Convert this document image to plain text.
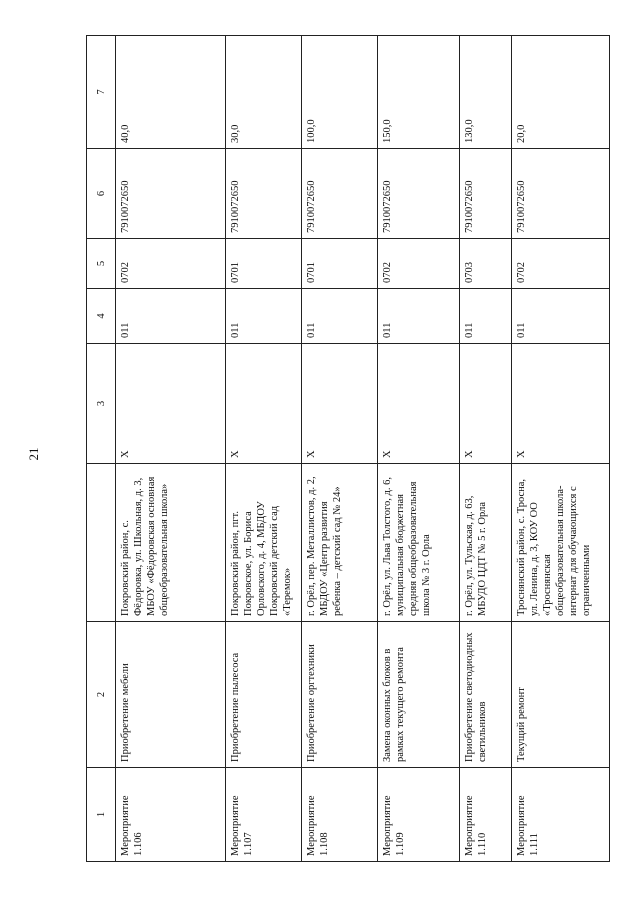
21
1	2		3	4	5	6	7
Мероприятие 1.106	Приобретение мебели	Покровский район, с. Фёдоровка, ул. Школьная, д. 3, МБОУ «Фёдоровская основная общеобразовательная школа»	Х	011	0702	7910072650	40,0
Мероприятие 1.107	Приобретение пылесоса	Покровский район, пгт. Покровское, ул. Бориса Орловского, д. 4, МБДОУ Покровский детский сад «Теремок»	Х	011	0701	7910072650	30,0
Мероприятие 1.108	Приобретение оргтехники	г. Орёл, пер. Металлистов, д. 2, МБДОУ «Центр развития ребенка – детский сад № 24»	Х	011	0701	7910072650	100,0
Мероприятие 1.109	Замена оконных блоков в рамках текущего ремонта	г. Орёл, ул. Льва Толстого, д. 6, муниципальная бюджетная средняя общеобразовательная школа № 3 г. Орла	Х	011	0702	7910072650	150,0
Мероприятие 1.110	Приобретение светодиодных светильников	г. Орёл, ул. Тульская, д. 63, МБУДО ЦДТ № 5 г. Орла	Х	011	0703	7910072650	130,0
Мероприятие 1.111	Текущий ремонт	Троснянский район, с. Тросна, ул. Ленина, д. 3, КОУ ОО «Троснянская общеобразовательная школа-интернат для обучающихся с ограниченными	Х	011	0702	7910072650	20,0
